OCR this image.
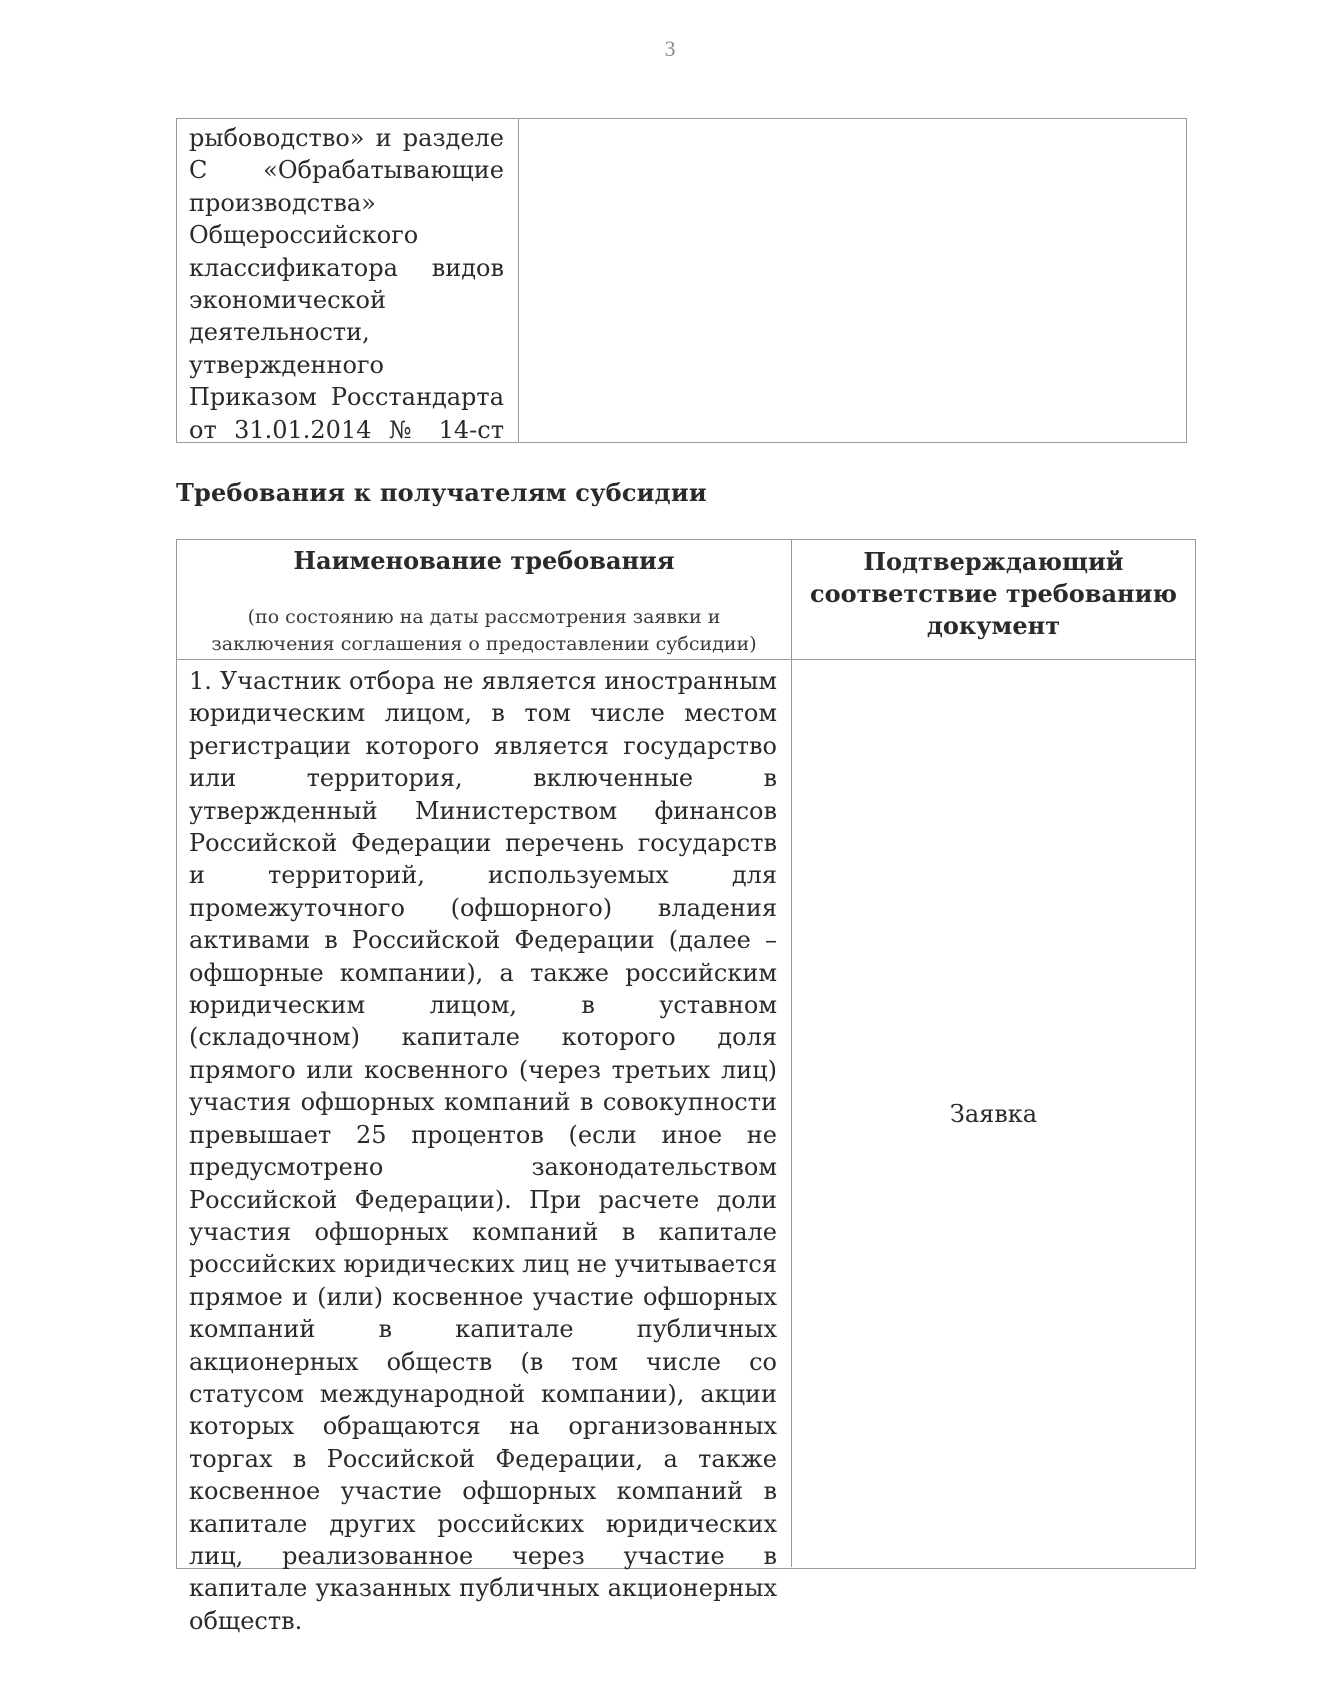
3
рыбоводство» и разделе С «Обрабатывающие производства» Общероссийского классификатора видов экономической деятельности, утвержденного Приказом Росстандарта от 31.01.2014 № 14-ст
Требования к получателям субсидии
Наименование требования
(по состоянию на даты рассмотрения заявки и заключения соглашения о предоставлении субсидии)
Подтверждающий соответствие требованию документ
1. Участник отбора не является иностранным юридическим лицом, в том числе местом регистрации которого является государство или территория, включенные в утвержденный Министерством финансов Российской Федерации перечень государств и территорий, используемых для промежуточного (офшорного) владения активами в Российской Федерации (далее – офшорные компании), а также российским юридическим лицом, в уставном (складочном) капитале которого доля прямого или косвенного (через третьих лиц) участия офшорных компаний в совокупности превышает 25 процентов (если иное не предусмотрено законодательством Российской Федерации). При расчете доли участия офшорных компаний в капитале российских юридических лиц не учитывается прямое и (или) косвенное участие офшорных компаний в капитале публичных акционерных обществ (в том числе со статусом международной компании), акции которых обращаются на организованных торгах в Российской Федерации, а также косвенное участие офшорных компаний в капитале других российских юридических лиц, реализованное через участие в капитале указанных публичных акционерных обществ.
Заявка
